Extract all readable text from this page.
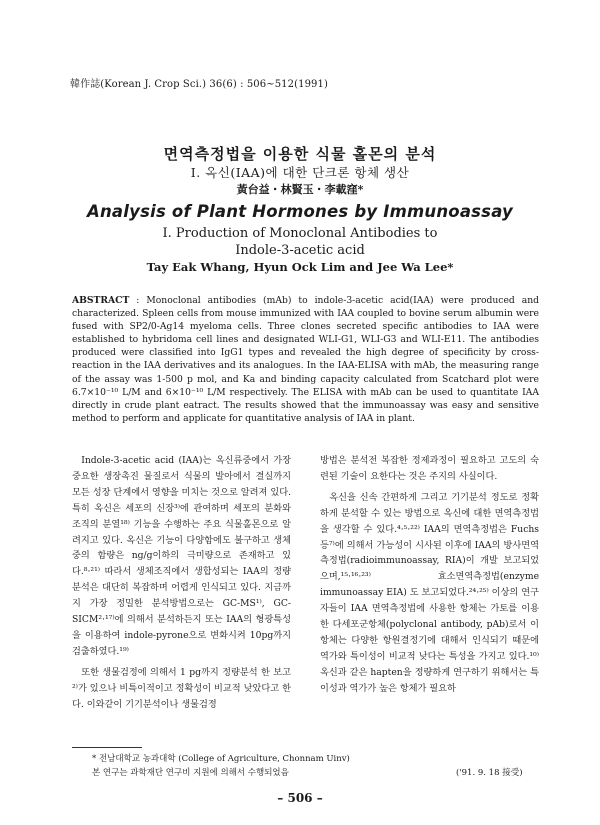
韓作誌(Korean J. Crop Sci.) 36(6) : 506~512(1991)
면역측정법을 이용한 식물 홀몬의 분석
I. 옥신(IAA)에 대한 단크론 항체 생산
黃台益・林賢玉・李載窪*
Analysis of Plant Hormones by Immunoassay
I. Production of Monoclonal Antibodies to
Indole-3-acetic acid
Tay Eak Whang, Hyun Ock Lim and Jee Wa Lee*
ABSTRACT : Monoclonal antibodies (mAb) to indole-3-acetic acid(IAA) were produced and characterized. Spleen cells from mouse immunized with IAA coupled to bovine serum albumin were fused with SP2/0-Ag14 myeloma cells. Three clones secreted specific antibodies to IAA were established to hybridoma cell lines and designated WLI-G1, WLI-G3 and WLI-E11. The antibodies produced were classified into IgG1 types and revealed the high degree of specificity by cross-reaction in the IAA derivatives and its analogues. In the IAA-ELISA with mAb, the measuring range of the assay was 1-500 p mol, and Ka and binding capacity calculated from Scatchard plot were 6.7×10⁻¹⁰ L/M and 6×10⁻¹⁰ L/M respectively. The ELISA with mAb can be used to quantitate IAA directly in crude plant eatract. The results showed that the immunoassay was easy and sensitive method to perform and applicate for quantitative analysis of IAA in plant.

Indole-3-acetic acid (IAA)는 옥신류중에서 가장 중요한 생장촉진 물질로서 식물의 발아에서 결실까지 모든 성장 단계에서 영향을 미치는 것으로 알려져 있다. 특히 옥신은 세포의 신장³⁾에 관여하며 세포의 분화와 조직의 분열¹⁸⁾ 기능을 수행하는 주요 식물홀몬으로 알려지고 있다. 옥신은 기능이 다양함에도 불구하고 생체중의 함량은 ng/g이하의 극미량으로 존재하고 있다.⁸·²¹⁾ 따라서 생체조직에서 생합성되는 IAA의 정량분석은 대단히 복잡하며 어렵게 인식되고 있다. 지금까지 가장 정밀한 분석방법으로는 GC-MS¹⁾, GC-SICM²·¹⁷⁾에 의해서 분석하든지 또는 IAA의 형광특성을 이용하여 indole-pyrone으로 변화시켜 10pg까지 검출하였다.¹⁹⁾

또한 생물검정에 의해서 1 pg까지 정량분석 한 보고²⁾가 있으나 비특이적이고 정확성이 비교적 낮았다고 한다. 이와같이 기기분석이나 생물검정

방법은 분석전 복잡한 정제과정이 필요하고 고도의 숙련된 기술이 요한다는 것은 주지의 사실이다.

옥신을 신속 간편하게 그리고 기기분석 정도로 정확하게 분석할 수 있는 방법으로 옥신에 대한 면역측정법을 생각할 수 있다.⁴·⁵·²²⁾ IAA의 면역측정법은 Fuchs등⁷⁾에 의해서 가능성이 시사된 이후에 IAA의 방사면역측정법(radioimmunoassay, RIA)이 개발 보고되었으며,¹⁵·¹⁶·²³⁾ 효소면역측정법(enzyme immunoassay EIA) 도 보고되었다.²⁴·²⁵⁾ 이상의 연구자들이 IAA 면역측정법에 사용한 항체는 가토를 이용한 다세포군항체(polyclonal antibody, pAb)로서 이 항체는 다양한 항원결정기에 대해서 인식되기 때문에 역가와 특이성이 비교적 낮다는 특성을 가지고 있다.¹⁰⁾ 옥신과 같은 hapten을 정량하게 연구하기 위해서는 특이성과 역가가 높은 항체가 필요하

* 전남대학교 농과대학 (College of Agriculture, Chonnam Uinv)
본 연구는 과학재단 연구비 지원에 의해서 수행되었음	('91. 9. 18 接受)
– 506 –
